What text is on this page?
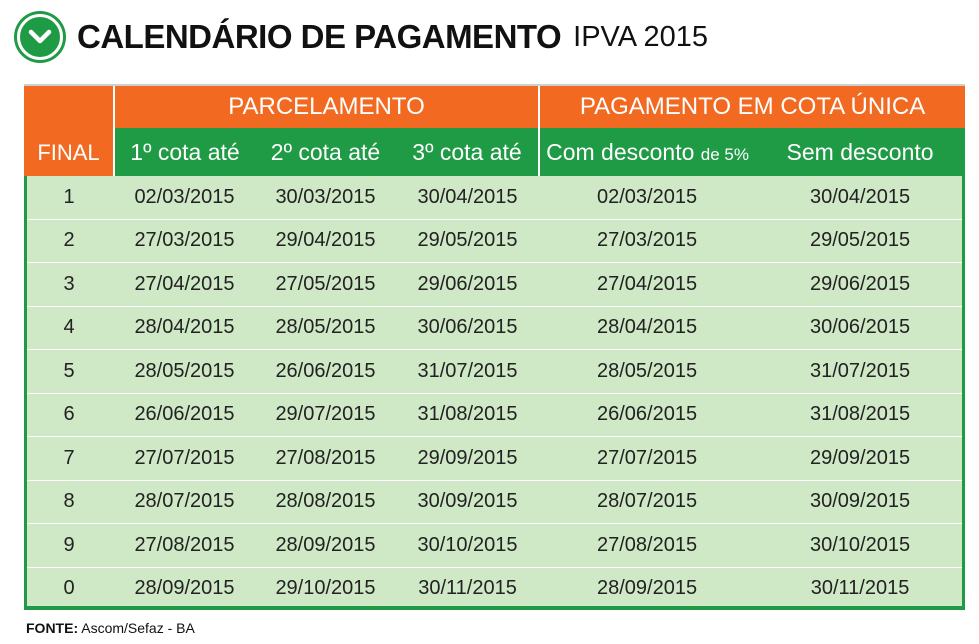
CALENDÁRIO DE PAGAMENTO IPVA 2015
FINAL	PARCELAMENTO			PAGAMENTO EM COTA ÚNICA	
	1º cota até	2º cota até	3º cota até	Com desconto de 5%	Sem desconto
1	02/03/2015	30/03/2015	30/04/2015	02/03/2015	30/04/2015
2	27/03/2015	29/04/2015	29/05/2015	27/03/2015	29/05/2015
3	27/04/2015	27/05/2015	29/06/2015	27/04/2015	29/06/2015
4	28/04/2015	28/05/2015	30/06/2015	28/04/2015	30/06/2015
5	28/05/2015	26/06/2015	31/07/2015	28/05/2015	31/07/2015
6	26/06/2015	29/07/2015	31/08/2015	26/06/2015	31/08/2015
7	27/07/2015	27/08/2015	29/09/2015	27/07/2015	29/09/2015
8	28/07/2015	28/08/2015	30/09/2015	28/07/2015	30/09/2015
9	27/08/2015	28/09/2015	30/10/2015	27/08/2015	30/10/2015
0	28/09/2015	29/10/2015	30/11/2015	28/09/2015	30/11/2015
FONTE: Ascom/Sefaz - BA
